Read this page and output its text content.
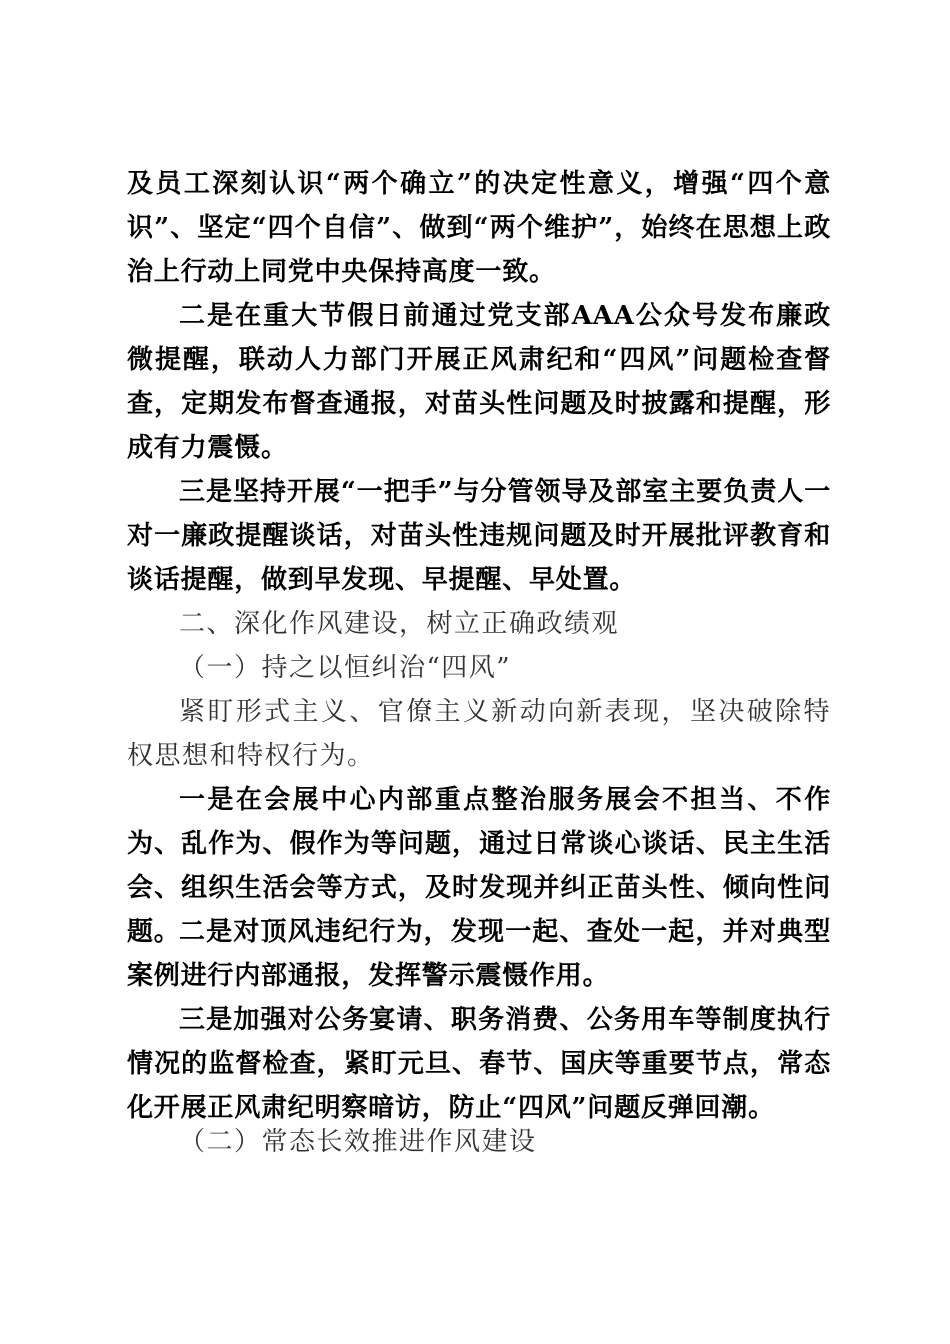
及员工深刻认识“两个确立”的决定性意义，增强“四个意识”、坚定“四个自信”、做到“两个维护”，始终在思想上政治上行动上同党中央保持高度一致。

二是在重大节假日前通过党支部AAA公众号发布廉政微提醒，联动人力部门开展正风肃纪和“四风”问题检查督查，定期发布督查通报，对苗头性问题及时披露和提醒，形成有力震慑。

三是坚持开展“一把手”与分管领导及部室主要负责人一对一廉政提醒谈话，对苗头性违规问题及时开展批评教育和谈话提醒，做到早发现、早提醒、早处置。

二、深化作风建设，树立正确政绩观

（一）持之以恒纠治“四风”

紧盯形式主义、官僚主义新动向新表现，坚决破除特权思想和特权行为。

一是在会展中心内部重点整治服务展会不担当、不作为、乱作为、假作为等问题，通过日常谈心谈话、民主生活会、组织生活会等方式，及时发现并纠正苗头性、倾向性问题。

二是对顶风违纪行为，发现一起、查处一起，并对典型案例进行内部通报，发挥警示震慑作用。

三是加强对公务宴请、职务消费、公务用车等制度执行情况的监督检查，紧盯元旦、春节、国庆等重要节点，常态化开展正风肃纪明察暗访，防止“四风”问题反弹回潮。

（二）常态长效推进作风建设
